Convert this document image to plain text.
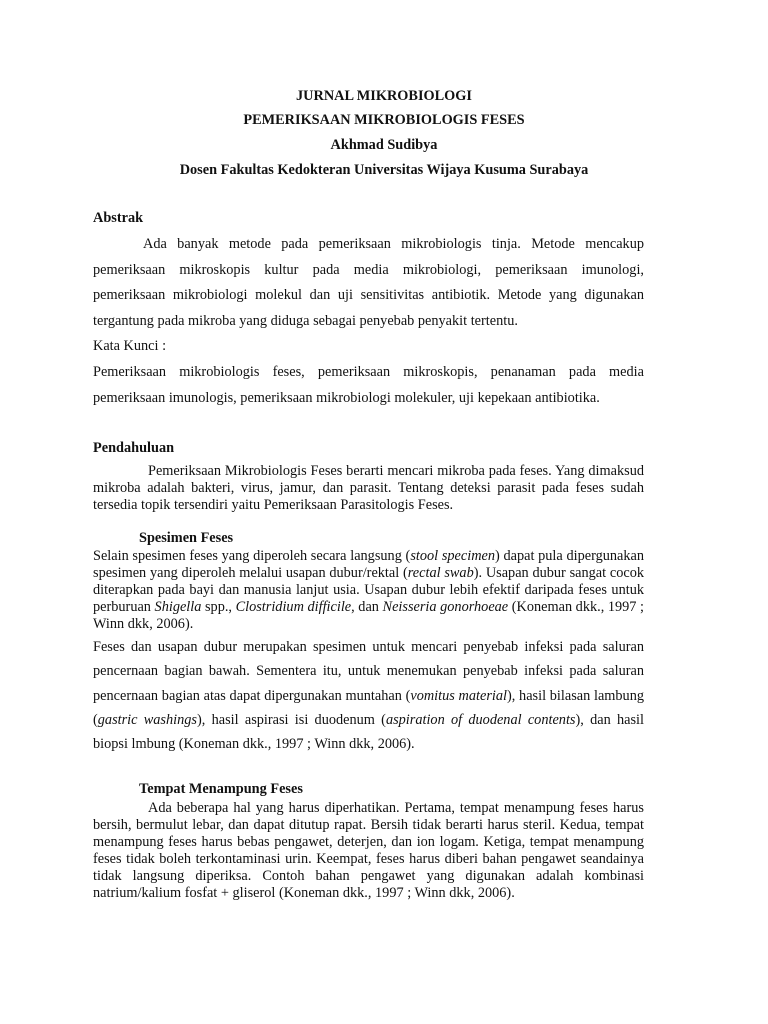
JURNAL MIKROBIOLOGI

PEMERIKSAAN MIKROBIOLOGIS FESES

Akhmad Sudibya

Dosen Fakultas Kedokteran Universitas Wijaya Kusuma Surabaya

Abstrak

Ada banyak metode pada pemeriksaan mikrobiologis tinja. Metode mencakup pemeriksaan mikroskopis kultur pada media mikrobiologi, pemeriksaan imunologi, pemeriksaan mikrobiologi molekul dan uji sensitivitas antibiotik. Metode yang digunakan tergantung pada mikroba yang diduga sebagai penyebab penyakit tertentu.

Kata Kunci :

Pemeriksaan mikrobiologis feses, pemeriksaan mikroskopis, penanaman pada media pemeriksaan imunologis, pemeriksaan mikrobiologi molekuler, uji kepekaan antibiotika.

Pendahuluan

Pemeriksaan Mikrobiologis Feses berarti mencari mikroba pada feses. Yang dimaksud mikroba adalah bakteri, virus, jamur, dan parasit. Tentang deteksi parasit pada feses sudah tersedia topik tersendiri yaitu Pemeriksaan Parasitologis Feses.

Spesimen Feses

Selain spesimen feses yang diperoleh secara langsung (stool specimen) dapat pula dipergunakan spesimen yang diperoleh melalui usapan dubur/rektal (rectal swab). Usapan dubur sangat cocok diterapkan pada bayi dan manusia lanjut usia. Usapan dubur lebih efektif daripada feses untuk perburuan Shigella spp., Clostridium difficile, dan Neisseria gonorhoeae (Koneman dkk., 1997 ; Winn dkk, 2006).

Feses dan usapan dubur merupakan spesimen untuk mencari penyebab infeksi pada saluran pencernaan bagian bawah. Sementera itu, untuk menemukan penyebab infeksi pada saluran pencernaan bagian atas dapat dipergunakan muntahan (vomitus material), hasil bilasan lambung (gastric washings), hasil aspirasi isi duodenum (aspiration of duodenal contents), dan hasil biopsi lmbung (Koneman dkk., 1997 ; Winn dkk, 2006).

Tempat Menampung Feses

Ada beberapa hal yang harus diperhatikan. Pertama, tempat menampung feses harus bersih, bermulut lebar, dan dapat ditutup rapat. Bersih tidak berarti harus steril. Kedua, tempat menampung feses harus bebas pengawet, deterjen, dan ion logam. Ketiga, tempat menampung feses tidak boleh terkontaminasi urin. Keempat, feses harus diberi bahan pengawet seandainya tidak langsung diperiksa. Contoh bahan pengawet yang digunakan adalah kombinasi natrium/kalium fosfat + gliserol (Koneman dkk., 1997 ; Winn dkk, 2006).
